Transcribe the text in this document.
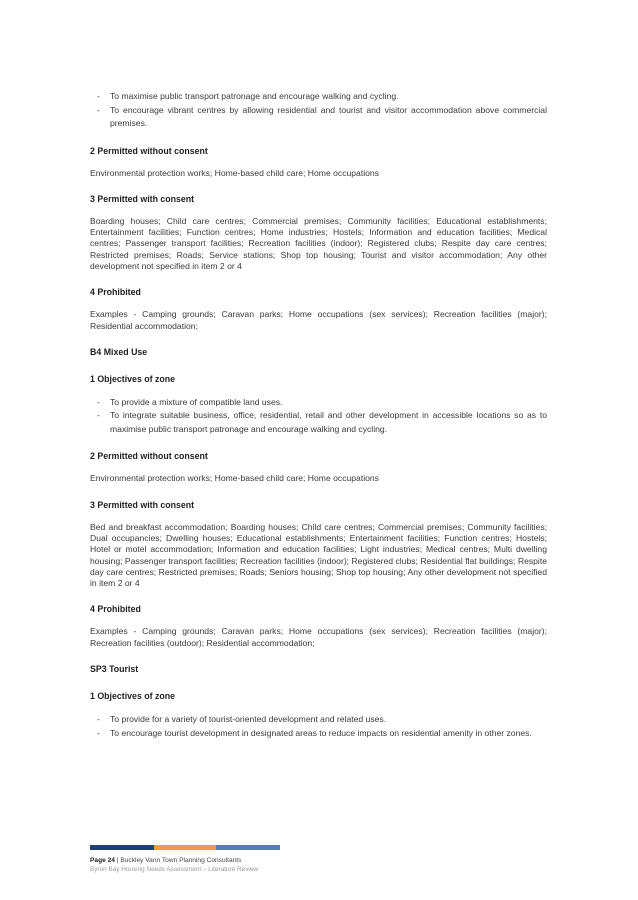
- To maximise public transport patronage and encourage walking and cycling.
- To encourage vibrant centres by allowing residential and tourist and visitor accommodation above commercial premises.

2 Permitted without consent

Environmental protection works; Home-based child care; Home occupations

3 Permitted with consent

Boarding houses; Child care centres; Commercial premises; Community facilities; Educational establishments; Entertainment facilities; Function centres; Home industries; Hostels; Information and education facilities; Medical centres; Passenger transport facilities; Recreation facilities (indoor); Registered clubs; Respite day care centres; Restricted premises; Roads; Service stations; Shop top housing; Tourist and visitor accommodation; Any other development not specified in item 2 or 4

4 Prohibited

Examples - Camping grounds; Caravan parks; Home occupations (sex services); Recreation facilities (major); Residential accommodation;

B4 Mixed Use

1 Objectives of zone

- To provide a mixture of compatible land uses.
- To integrate suitable business, office, residential, retail and other development in accessible locations so as to maximise public transport patronage and encourage walking and cycling.

2 Permitted without consent

Environmental protection works; Home-based child care; Home occupations

3 Permitted with consent

Bed and breakfast accommodation; Boarding houses; Child care centres; Commercial premises; Community facilities; Dual occupancies; Dwelling houses; Educational establishments; Entertainment facilities; Function centres; Hostels; Hotel or motel accommodation; Information and education facilities; Light industries; Medical centres; Multi dwelling housing; Passenger transport facilities; Recreation facilities (indoor); Registered clubs; Residential flat buildings; Respite day care centres; Restricted premises; Roads; Seniors housing; Shop top housing; Any other development not specified in item 2 or 4

4 Prohibited

Examples - Camping grounds; Caravan parks; Home occupations (sex services); Recreation facilities (major); Recreation facilities (outdoor); Residential accommodation;

SP3 Tourist

1 Objectives of zone

- To provide for a variety of tourist-oriented development and related uses.
- To encourage tourist development in designated areas to reduce impacts on residential amenity in other zones.
Page 24 | Buckley Vann Town Planning Consultants
Byron Bay Housing Needs Assessment – Literature Review
